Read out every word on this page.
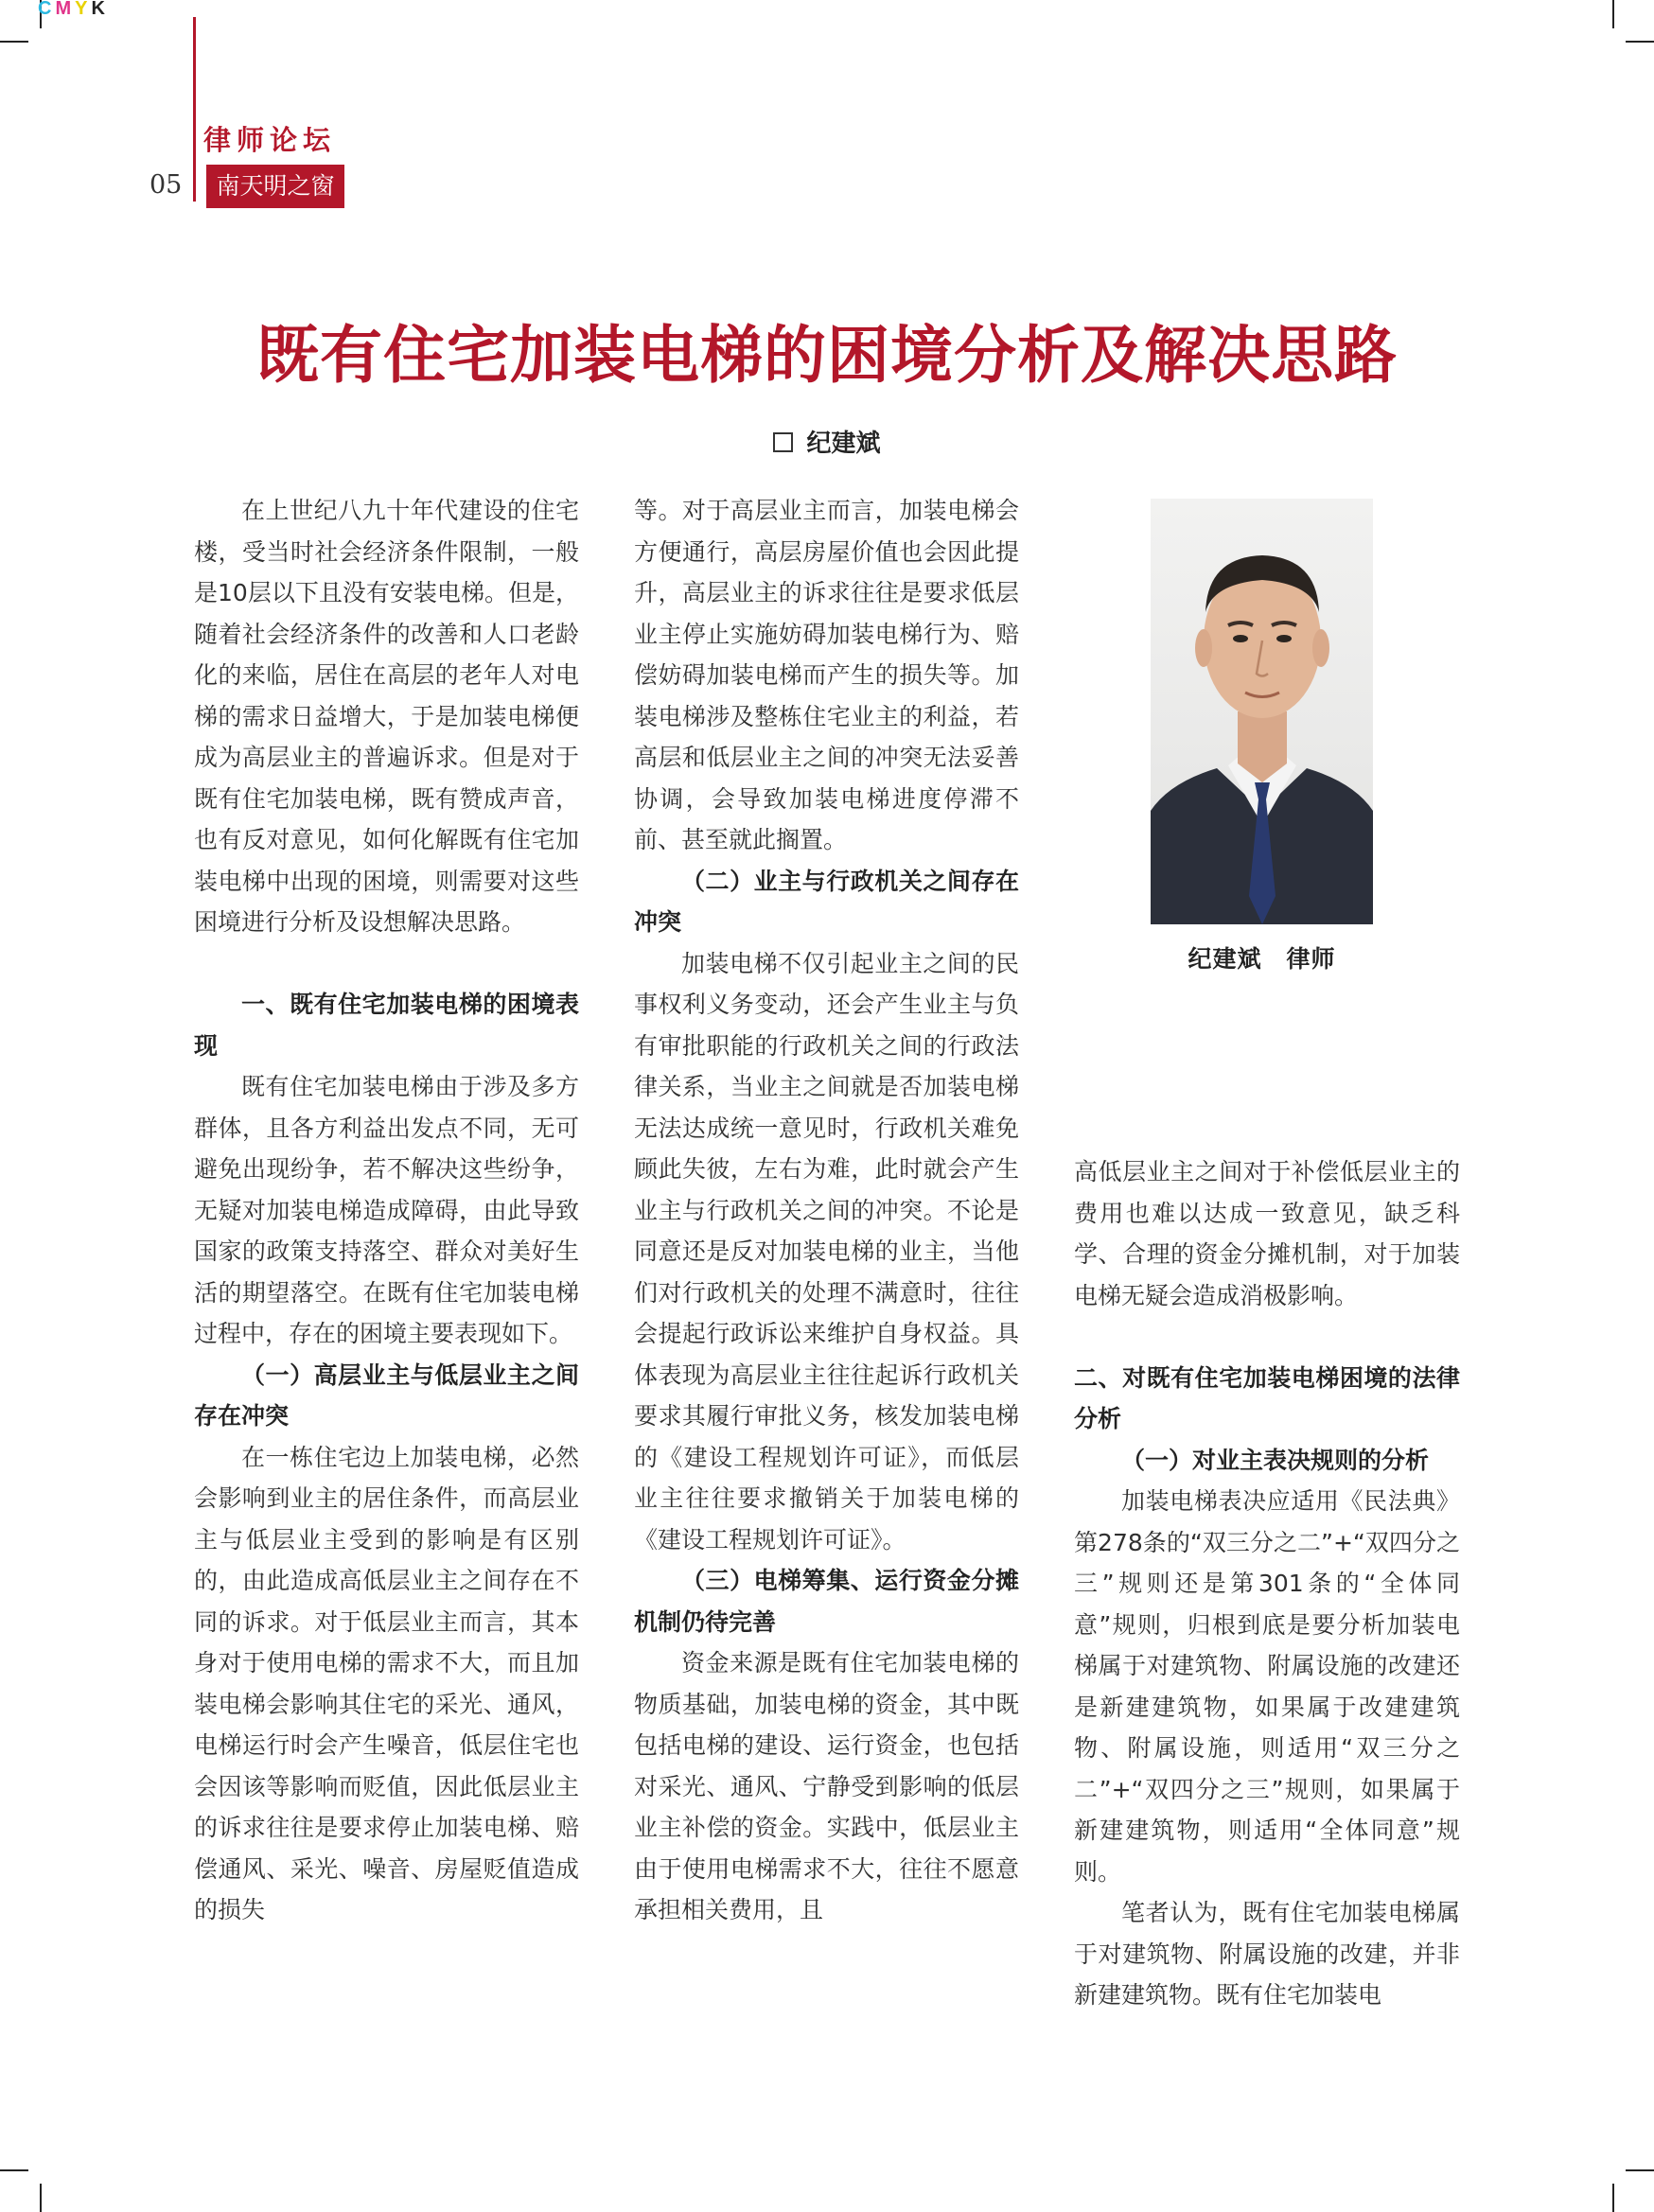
CMYK
律师论坛
05	南天明之窗
既有住宅加装电梯的困境分析及解决思路
纪建斌

在上世纪八九十年代建设的住宅楼，受当时社会经济条件限制，一般是10层以下且没有安装电梯。但是，随着社会经济条件的改善和人口老龄化的来临，居住在高层的老年人对电梯的需求日益增大，于是加装电梯便成为高层业主的普遍诉求。但是对于既有住宅加装电梯，既有赞成声音，也有反对意见，如何化解既有住宅加装电梯中出现的困境，则需要对这些困境进行分析及设想解决思路。

一、既有住宅加装电梯的困境表现

既有住宅加装电梯由于涉及多方群体，且各方利益出发点不同，无可避免出现纷争，若不解决这些纷争，无疑对加装电梯造成障碍，由此导致国家的政策支持落空、群众对美好生活的期望落空。在既有住宅加装电梯过程中，存在的困境主要表现如下。

（一）高层业主与低层业主之间存在冲突

在一栋住宅边上加装电梯，必然会影响到业主的居住条件，而高层业主与低层业主受到的影响是有区别的，由此造成高低层业主之间存在不同的诉求。对于低层业主而言，其本身对于使用电梯的需求不大，而且加装电梯会影响其住宅的采光、通风，电梯运行时会产生噪音，低层住宅也会因该等影响而贬值，因此低层业主的诉求往往是要求停止加装电梯、赔偿通风、采光、噪音、房屋贬值造成的损失

等。对于高层业主而言，加装电梯会方便通行，高层房屋价值也会因此提升，高层业主的诉求往往是要求低层业主停止实施妨碍加装电梯行为、赔偿妨碍加装电梯而产生的损失等。加装电梯涉及整栋住宅业主的利益，若高层和低层业主之间的冲突无法妥善协调，会导致加装电梯进度停滞不前、甚至就此搁置。

（二）业主与行政机关之间存在冲突

加装电梯不仅引起业主之间的民事权利义务变动，还会产生业主与负有审批职能的行政机关之间的行政法律关系，当业主之间就是否加装电梯无法达成统一意见时，行政机关难免顾此失彼，左右为难，此时就会产生业主与行政机关之间的冲突。不论是同意还是反对加装电梯的业主，当他们对行政机关的处理不满意时，往往会提起行政诉讼来维护自身权益。具体表现为高层业主往往起诉行政机关要求其履行审批义务，核发加装电梯的《建设工程规划许可证》，而低层业主往往要求撤销关于加装电梯的《建设工程规划许可证》。

（三）电梯筹集、运行资金分摊机制仍待完善

资金来源是既有住宅加装电梯的物质基础，加装电梯的资金，其中既包括电梯的建设、运行资金，也包括对采光、通风、宁静受到影响的低层业主补偿的资金。实践中，低层业主由于使用电梯需求不大，往往不愿意承担相关费用，且

高低层业主之间对于补偿低层业主的费用也难以达成一致意见，缺乏科学、合理的资金分摊机制，对于加装电梯无疑会造成消极影响。

二、对既有住宅加装电梯困境的法律分析
（一）对业主表决规则的分析

加装电梯表决应适用《民法典》第278条的“双三分之二”+“双四分之三”规则还是第301条的“全体同意”规则，归根到底是要分析加装电梯属于对建筑物、附属设施的改建还是新建建筑物，如果属于改建建筑物、附属设施，则适用“双三分之二”+“双四分之三”规则，如果属于新建建筑物，则适用“全体同意”规则。

笔者认为，既有住宅加装电梯属于对建筑物、附属设施的改建，并非新建建筑物。既有住宅加装电

纪建斌　律师
